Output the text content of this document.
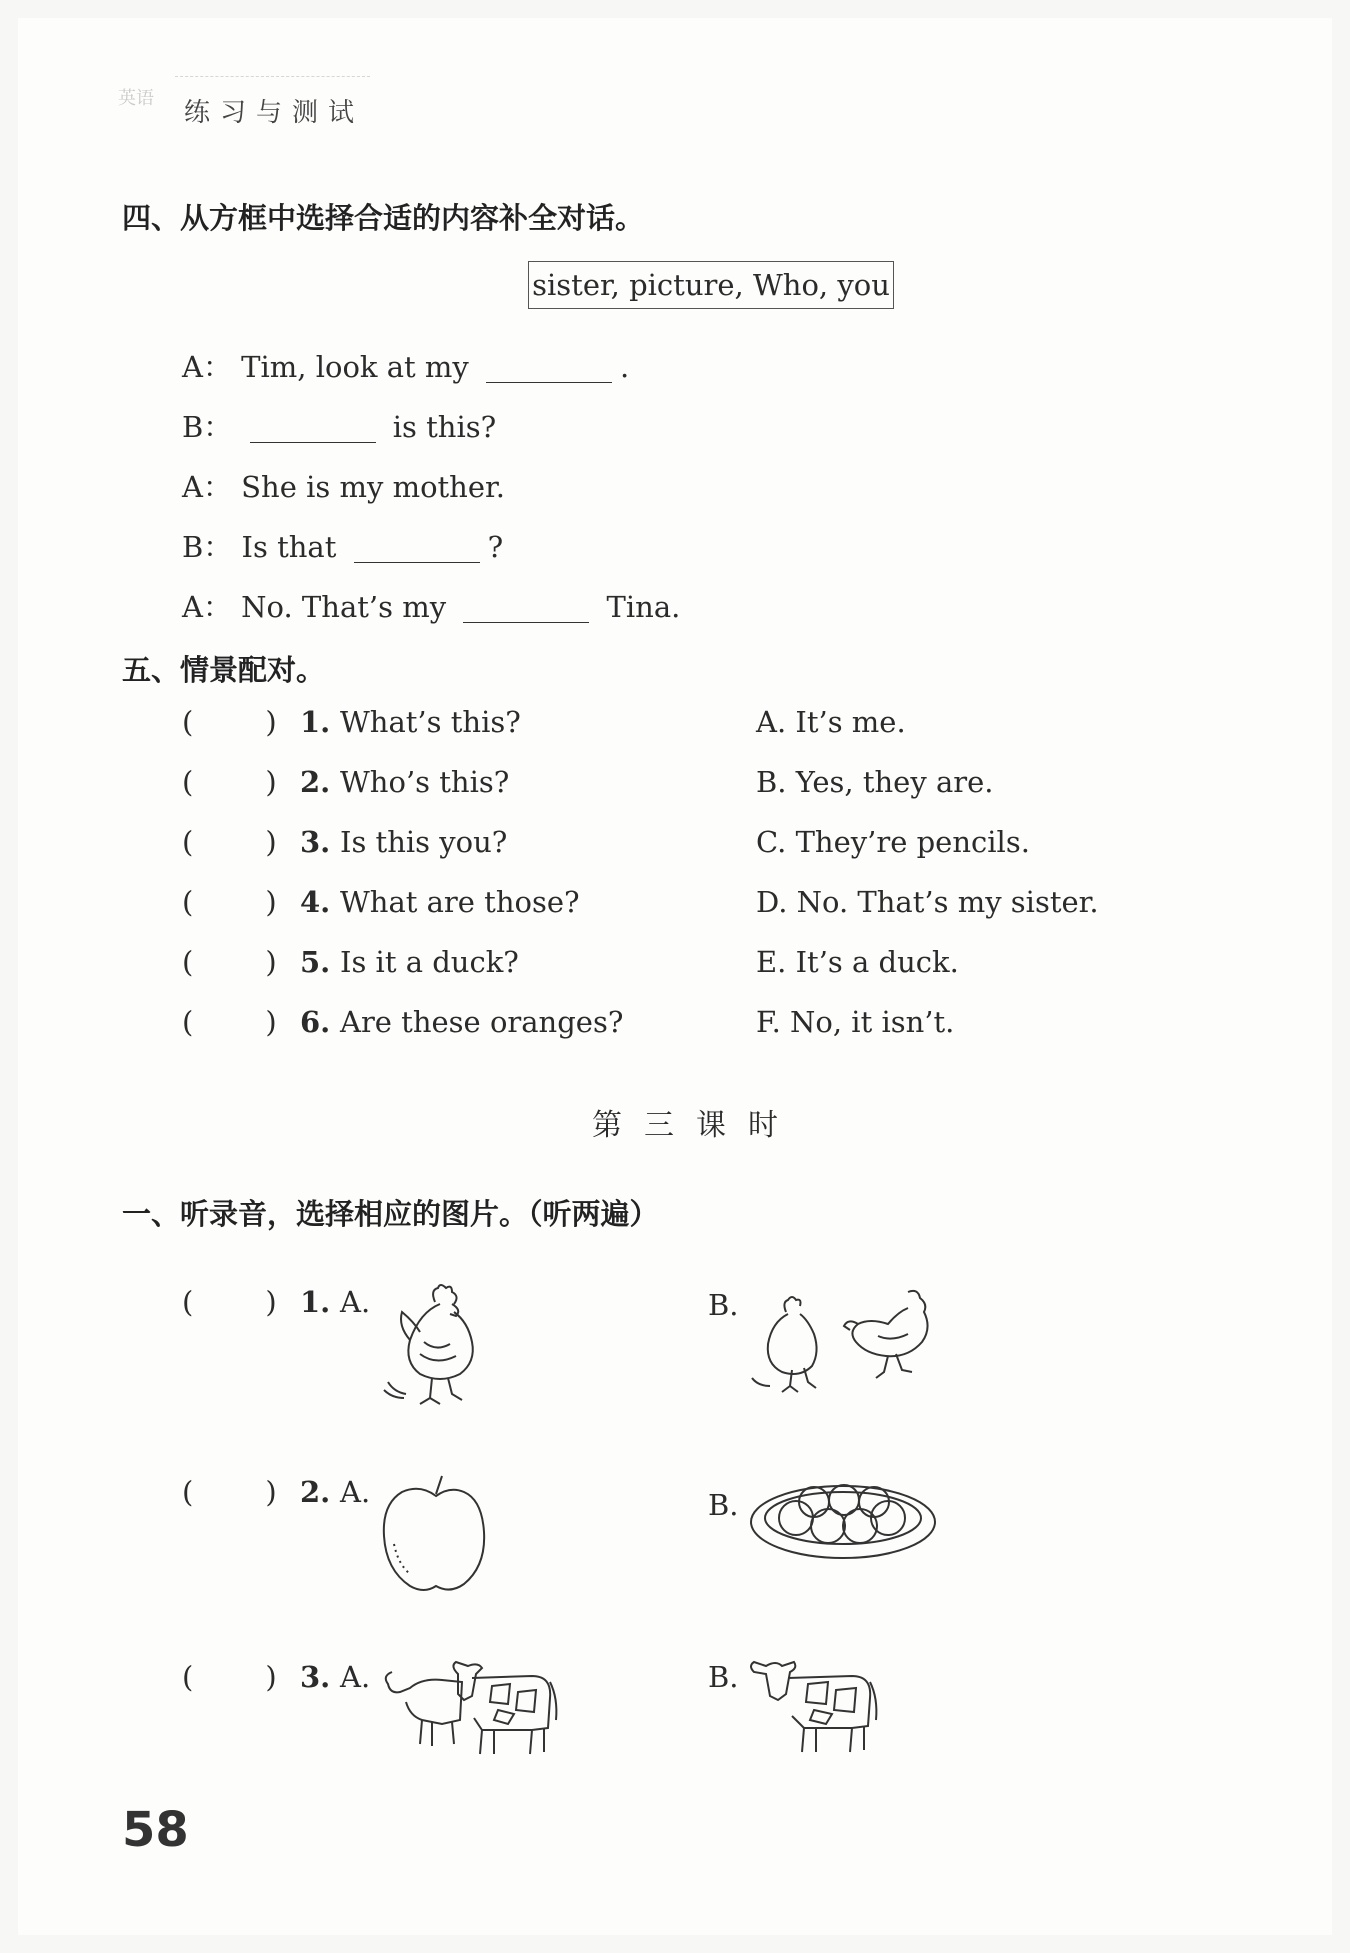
英语 练习与测试
四、从方框中选择合适的内容补全对话。
sister, picture, Who, you
A： Tim, look at my	.
B：	is this?
A： She is my mother.
B： Is that	?
A： No. That’s my	Tina.
五、情景配对。
( ) 1. What’s this?	A. It’s me.
( ) 2. Who’s this?	B. Yes, they are.
( ) 3. Is this you?	C. They’re pencils.
( ) 4. What are those?	D. No. That’s my sister.
( ) 5. Is it a duck?	E. It’s a duck.
( ) 6. Are these oranges?	F. No, it isn’t.
第三课时
一、听录音，选择相应的图片。（听两遍）
( ) 1. A.	B.
( ) 2. A.	B.
( ) 3. A.	B.
58
